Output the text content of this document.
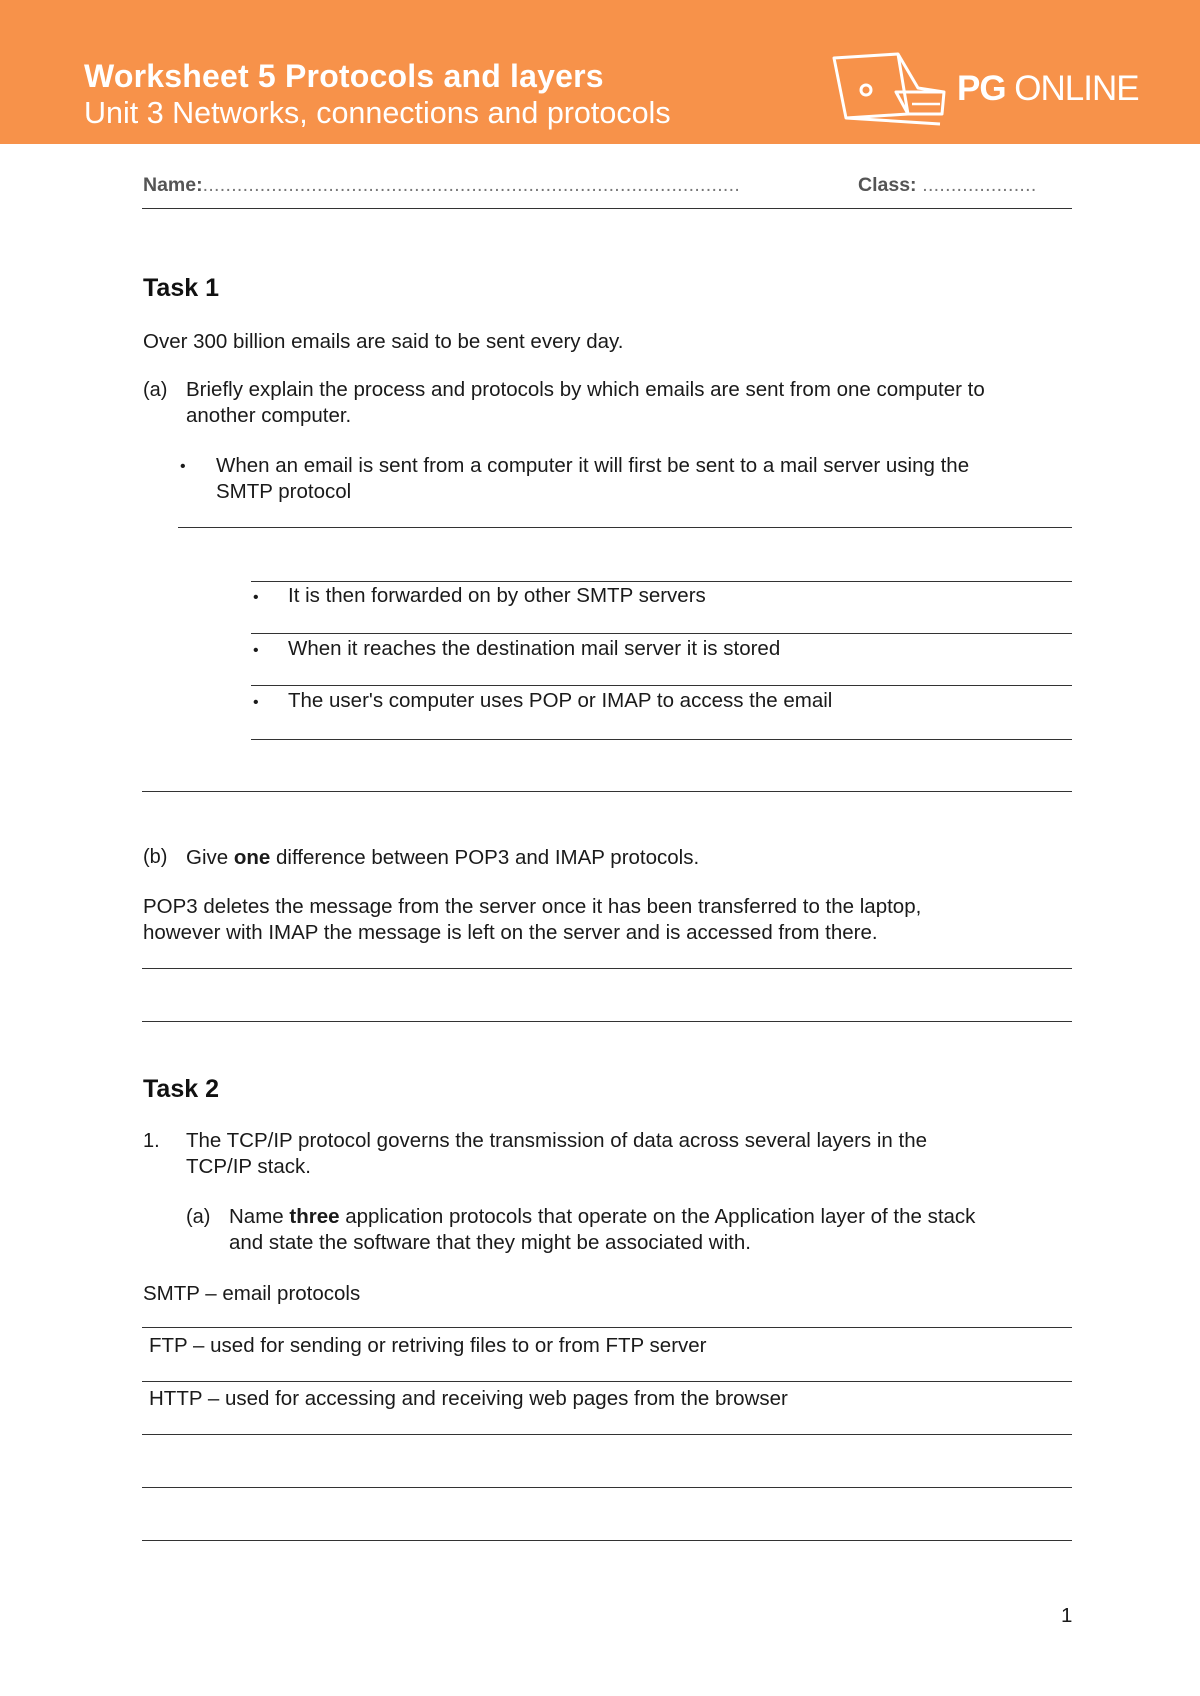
Worksheet 5 Protocols and layers
Unit 3 Networks, connections and protocols
PG ONLINE
Name:..............................................................................................	Class: ....................
Task 1
Over 300 billion emails are said to be sent every day.
(a) Briefly explain the process and protocols by which emails are sent from one computer to
another computer.
• When an email is sent from a computer it will first be sent to a mail server using the
SMTP protocol
• It is then forwarded on by other SMTP servers
• When it reaches the destination mail server it is stored
• The user's computer uses POP or IMAP to access the email
(b) Give one difference between POP3 and IMAP protocols.
POP3 deletes the message from the server once it has been transferred to the laptop,
however with IMAP the message is left on the server and is accessed from there.
Task 2
1. The TCP/IP protocol governs the transmission of data across several layers in the
TCP/IP stack.
(a) Name three application protocols that operate on the Application layer of the stack
and state the software that they might be associated with.
SMTP – email protocols
FTP – used for sending or retriving files to or from FTP server
HTTP – used for accessing and receiving web pages from the browser
1
